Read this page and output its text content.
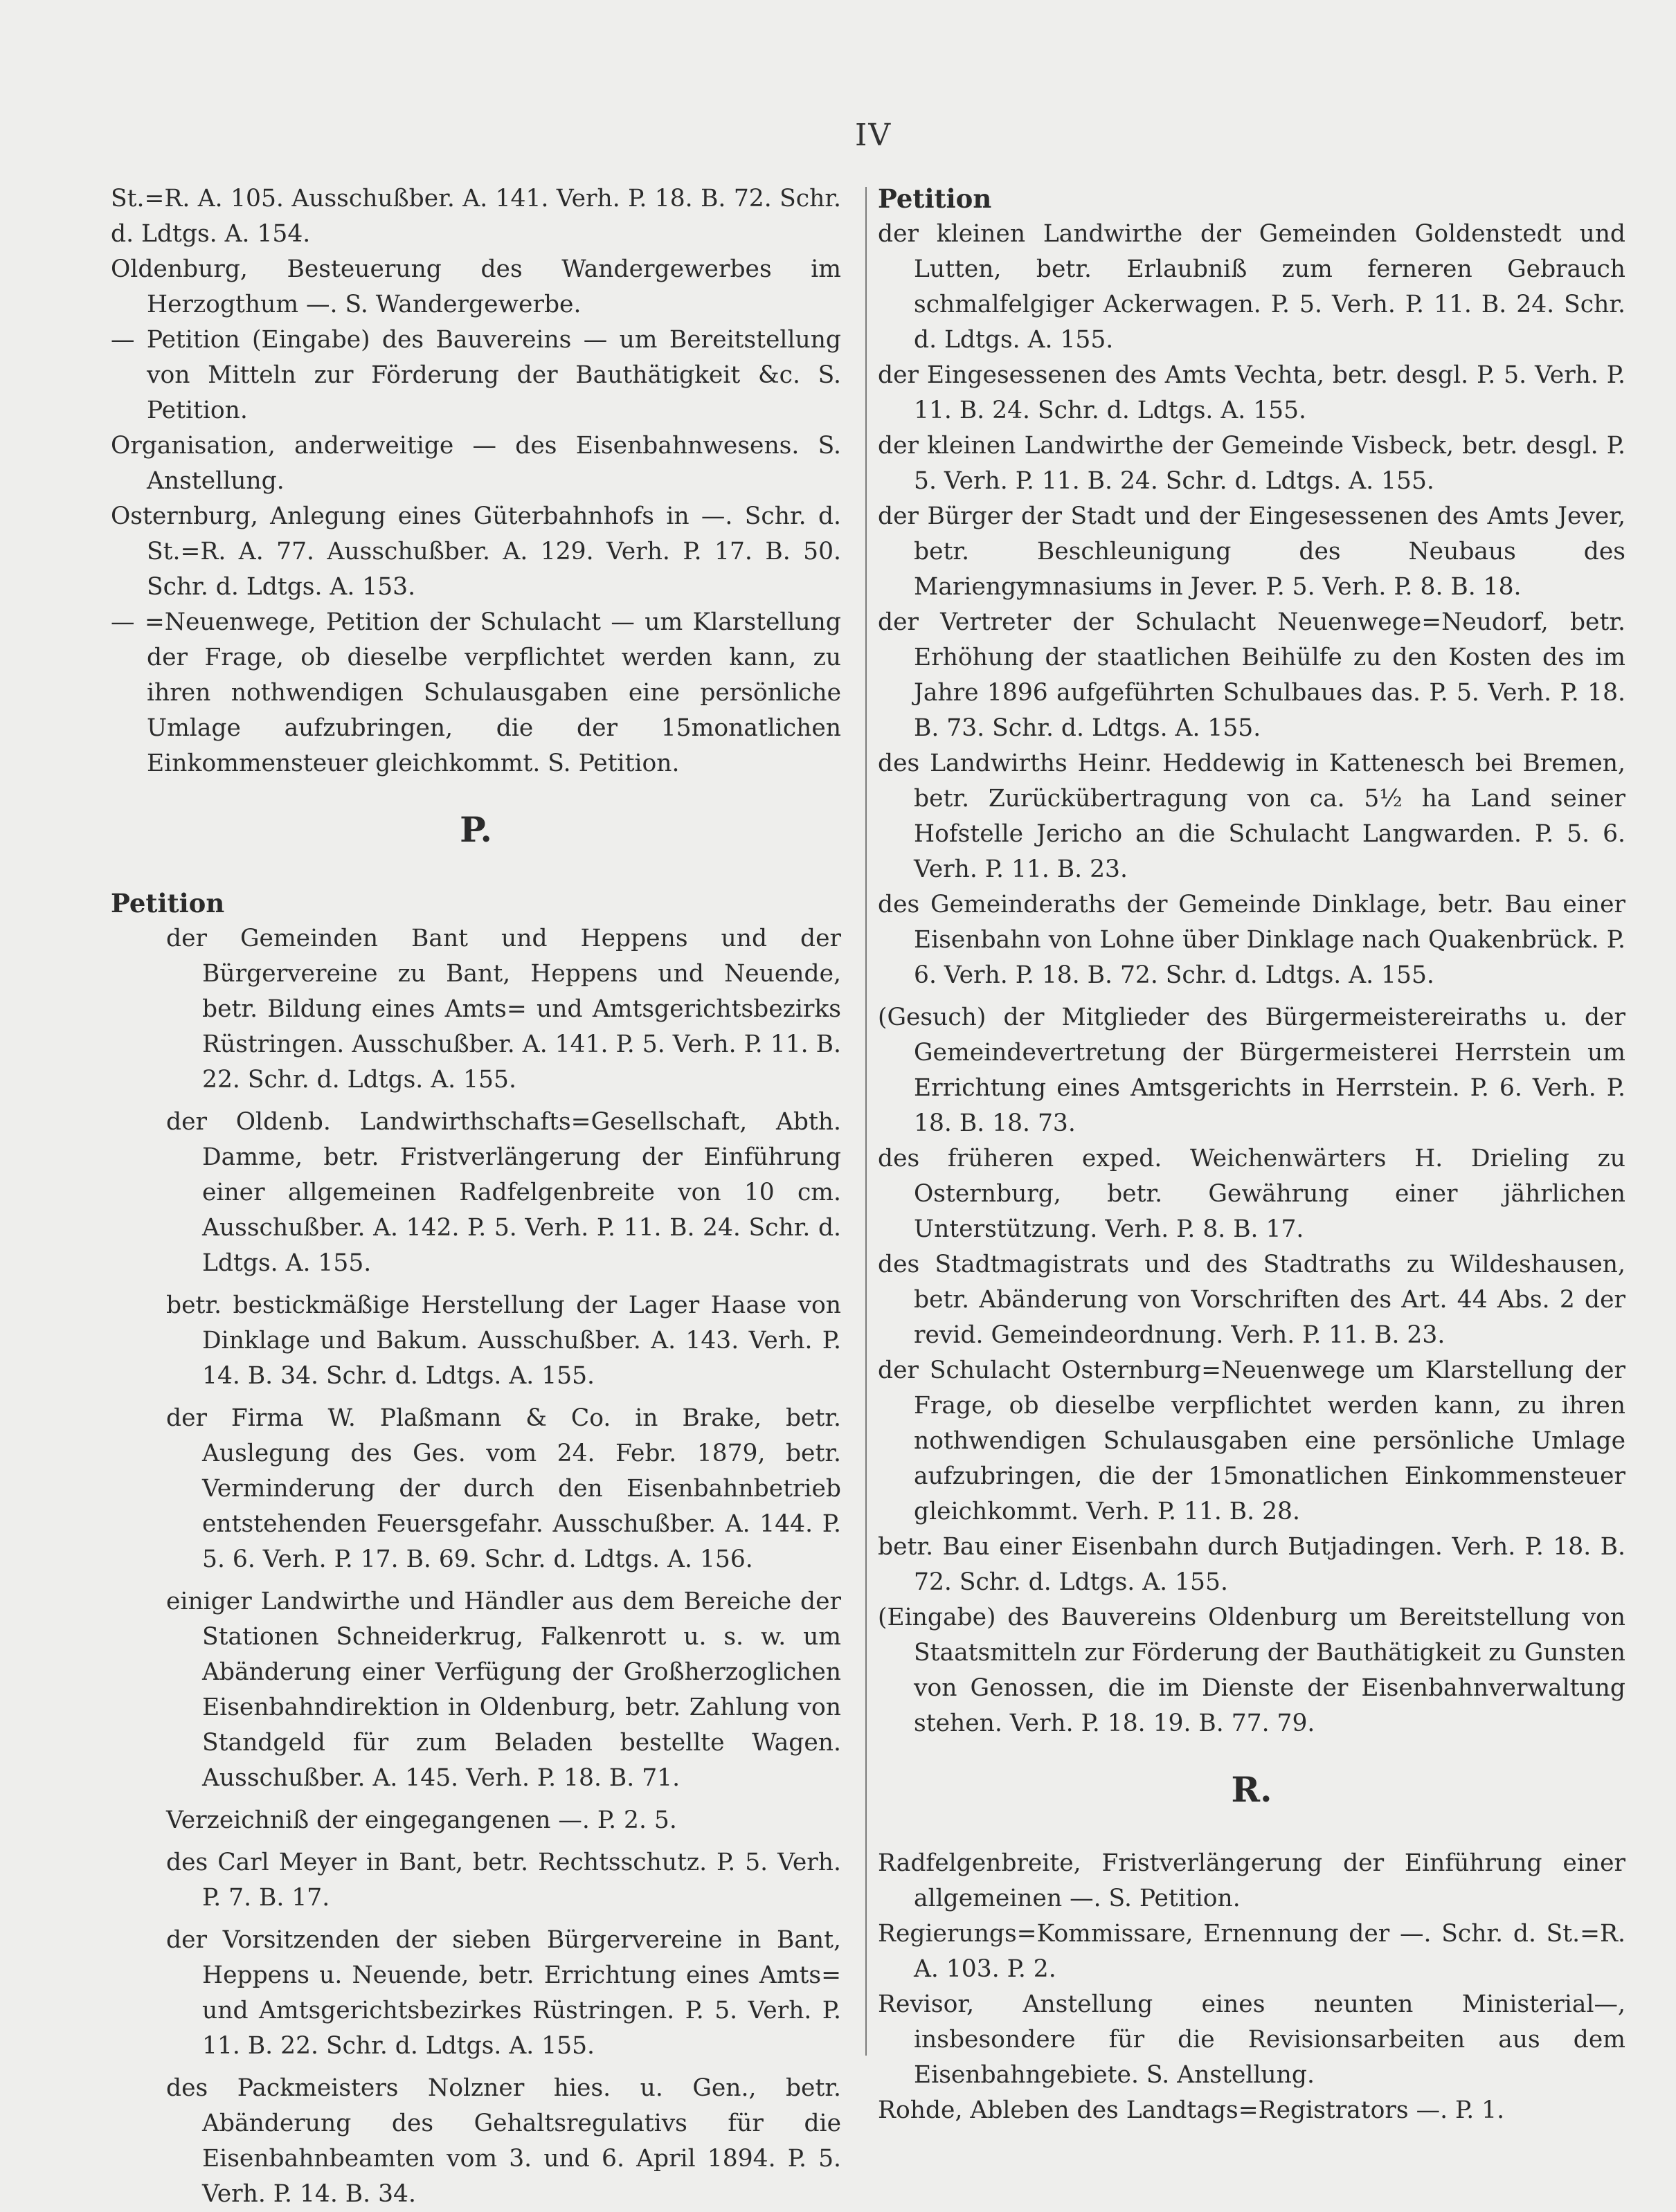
IV

St.=R. A. 105. Ausschußber. A. 141. Verh. P. 18. B. 72. Schr. d. Ldtgs. A. 154.

Oldenburg, Besteuerung des Wandergewerbes im Herzogthum —. S. Wandergewerbe.

— Petition (Eingabe) des Bauvereins — um Bereitstellung von Mitteln zur Förderung der Bauthätigkeit &c. S. Petition.

Organisation, anderweitige — des Eisenbahnwesens. S. Anstellung.

Osternburg, Anlegung eines Güterbahnhofs in —. Schr. d. St.=R. A. 77. Ausschußber. A. 129. Verh. P. 17. B. 50. Schr. d. Ldtgs. A. 153.

— =Neuenwege, Petition der Schulacht — um Klarstellung der Frage, ob dieselbe verpflichtet werden kann, zu ihren nothwendigen Schulausgaben eine persönliche Umlage aufzubringen, die der 15monatlichen Einkommensteuer gleichkommt. S. Petition.

P.

Petition

der Gemeinden Bant und Heppens und der Bürgervereine zu Bant, Heppens und Neuende, betr. Bildung eines Amts= und Amtsgerichtsbezirks Rüstringen. Ausschußber. A. 141. P. 5. Verh. P. 11. B. 22. Schr. d. Ldtgs. A. 155.

der Oldenb. Landwirthschafts=Gesellschaft, Abth. Damme, betr. Fristverlängerung der Einführung einer allgemeinen Radfelgenbreite von 10 cm. Ausschußber. A. 142. P. 5. Verh. P. 11. B. 24. Schr. d. Ldtgs. A. 155.

betr. bestickmäßige Herstellung der Lager Haase von Dinklage und Bakum. Ausschußber. A. 143. Verh. P. 14. B. 34. Schr. d. Ldtgs. A. 155.

der Firma W. Plaßmann & Co. in Brake, betr. Auslegung des Ges. vom 24. Febr. 1879, betr. Verminderung der durch den Eisenbahnbetrieb entstehenden Feuersgefahr. Ausschußber. A. 144. P. 5. 6. Verh. P. 17. B. 69. Schr. d. Ldtgs. A. 156.

einiger Landwirthe und Händler aus dem Bereiche der Stationen Schneiderkrug, Falkenrott u. s. w. um Abänderung einer Verfügung der Großherzoglichen Eisenbahndirektion in Oldenburg, betr. Zahlung von Standgeld für zum Beladen bestellte Wagen. Ausschußber. A. 145. Verh. P. 18. B. 71.

Verzeichniß der eingegangenen —. P. 2. 5.

des Carl Meyer in Bant, betr. Rechtsschutz. P. 5. Verh. P. 7. B. 17.

der Vorsitzenden der sieben Bürgervereine in Bant, Heppens u. Neuende, betr. Errichtung eines Amts= und Amtsgerichtsbezirkes Rüstringen. P. 5. Verh. P. 11. B. 22. Schr. d. Ldtgs. A. 155.

des Packmeisters Nolzner hies. u. Gen., betr. Abänderung des Gehaltsregulativs für die Eisenbahnbeamten vom 3. und 6. April 1894. P. 5. Verh. P. 14. B. 34.

Petition

der kleinen Landwirthe der Gemeinden Goldenstedt und Lutten, betr. Erlaubniß zum ferneren Gebrauch schmalfelgiger Ackerwagen. P. 5. Verh. P. 11. B. 24. Schr. d. Ldtgs. A. 155.

der Eingesessenen des Amts Vechta, betr. desgl. P. 5. Verh. P. 11. B. 24. Schr. d. Ldtgs. A. 155.

der kleinen Landwirthe der Gemeinde Visbeck, betr. desgl. P. 5. Verh. P. 11. B. 24. Schr. d. Ldtgs. A. 155.

der Bürger der Stadt und der Eingesessenen des Amts Jever, betr. Beschleunigung des Neubaus des Mariengymnasiums in Jever. P. 5. Verh. P. 8. B. 18.

der Vertreter der Schulacht Neuenwege=Neudorf, betr. Erhöhung der staatlichen Beihülfe zu den Kosten des im Jahre 1896 aufgeführten Schulbaues das. P. 5. Verh. P. 18. B. 73. Schr. d. Ldtgs. A. 155.

des Landwirths Heinr. Heddewig in Kattenesch bei Bremen, betr. Zurückübertragung von ca. 5½ ha Land seiner Hofstelle Jericho an die Schulacht Langwarden. P. 5. 6. Verh. P. 11. B. 23.

des Gemeinderaths der Gemeinde Dinklage, betr. Bau einer Eisenbahn von Lohne über Dinklage nach Quakenbrück. P. 6. Verh. P. 18. B. 72. Schr. d. Ldtgs. A. 155.

(Gesuch) der Mitglieder des Bürgermeistereiraths u. der Gemeindevertretung der Bürgermeisterei Herrstein um Errichtung eines Amtsgerichts in Herrstein. P. 6. Verh. P. 18. B. 18. 73.

des früheren exped. Weichenwärters H. Drieling zu Osternburg, betr. Gewährung einer jährlichen Unterstützung. Verh. P. 8. B. 17.

des Stadtmagistrats und des Stadtraths zu Wildeshausen, betr. Abänderung von Vorschriften des Art. 44 Abs. 2 der revid. Gemeindeordnung. Verh. P. 11. B. 23.

der Schulacht Osternburg=Neuenwege um Klarstellung der Frage, ob dieselbe verpflichtet werden kann, zu ihren nothwendigen Schulausgaben eine persönliche Umlage aufzubringen, die der 15monatlichen Einkommensteuer gleichkommt. Verh. P. 11. B. 28.

betr. Bau einer Eisenbahn durch Butjadingen. Verh. P. 18. B. 72. Schr. d. Ldtgs. A. 155.

(Eingabe) des Bauvereins Oldenburg um Bereitstellung von Staatsmitteln zur Förderung der Bauthätigkeit zu Gunsten von Genossen, die im Dienste der Eisenbahnverwaltung stehen. Verh. P. 18. 19. B. 77. 79.

R.

Radfelgenbreite, Fristverlängerung der Einführung einer allgemeinen —. S. Petition.

Regierungs=Kommissare, Ernennung der —. Schr. d. St.=R. A. 103. P. 2.

Revisor, Anstellung eines neunten Ministerial—, insbesondere für die Revisionsarbeiten aus dem Eisenbahngebiete. S. Anstellung.

Rohde, Ableben des Landtags=Registrators —. P. 1.
